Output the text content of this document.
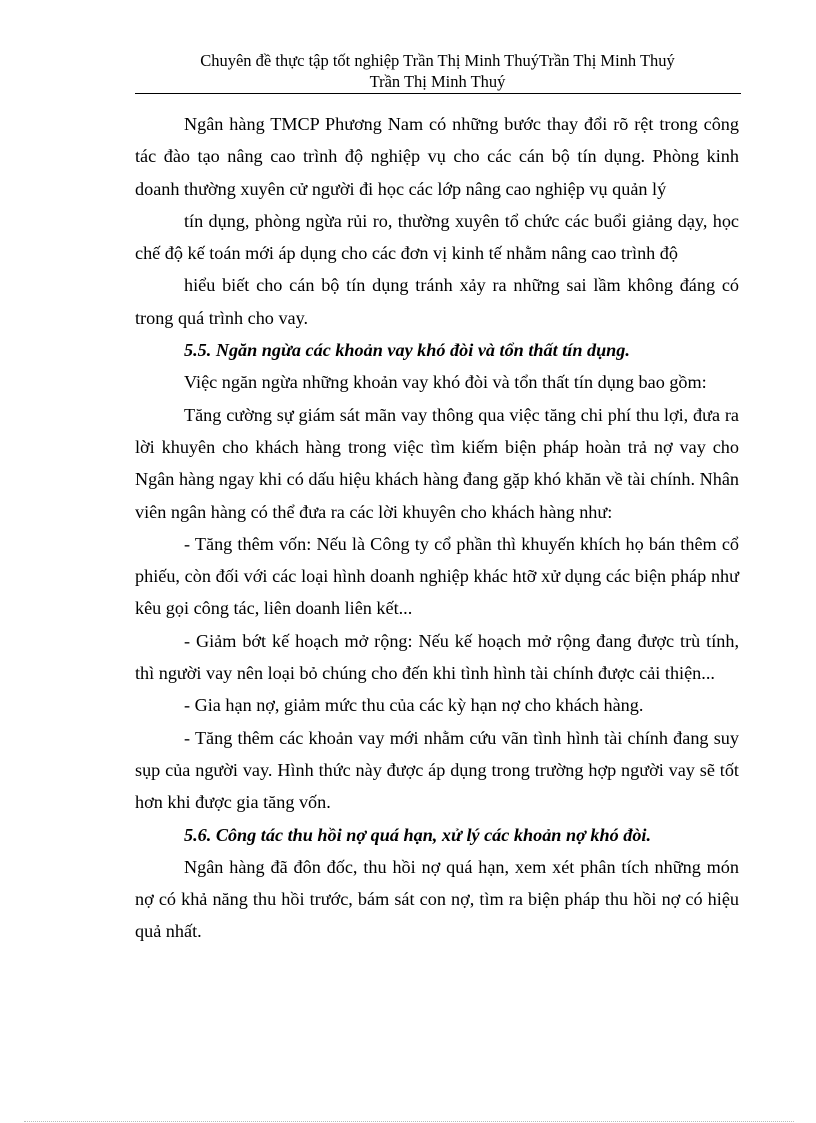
Chuyên đề thực tập tốt nghiệp Trần Thị Minh ThuýTrần Thị Minh Thuý
Trần Thị Minh Thuý

Ngân hàng TMCP Phương Nam có những bước thay đổi rõ rệt trong công tác đào tạo nâng cao trình độ nghiệp vụ cho các cán bộ tín dụng. Phòng kinh doanh thường xuyên cử người đi học các lớp nâng cao nghiệp vụ quản lý

tín dụng, phòng ngừa rủi ro, thường xuyên tổ chức các buổi giảng dạy, học chế độ kế toán mới áp dụng cho các đơn vị kinh tế nhằm nâng cao trình độ

hiểu biết cho cán bộ tín dụng tránh xảy ra những sai lầm không đáng có trong quá trình cho vay.

5.5. Ngăn ngừa các khoản vay khó đòi và tổn thất tín dụng.

Việc ngăn ngừa những khoản vay khó đòi và tổn thất tín dụng bao gồm:

Tăng cường sự giám sát mãn vay thông qua việc tăng chi phí thu lợi, đưa ra lời khuyên cho khách hàng trong việc tìm kiếm biện pháp hoàn trả nợ vay cho Ngân hàng ngay khi có dấu hiệu khách hàng đang gặp khó khăn về tài chính. Nhân viên ngân hàng có thể đưa ra các lời khuyên cho khách hàng như:

- Tăng thêm vốn: Nếu là Công ty cổ phần thì khuyến khích họ bán thêm cổ phiếu, còn đối với các loại hình doanh nghiệp khác htỡ xử dụng các biện pháp như kêu gọi công tác, liên doanh liên kết...

- Giảm bớt kế hoạch mở rộng: Nếu kế hoạch mở rộng đang được trù tính, thì người vay nên loại bỏ chúng cho đến khi tình hình tài chính được cải thiện...

- Gia hạn nợ, giảm mức thu của các kỳ hạn nợ cho khách hàng.

- Tăng thêm các khoản vay mới nhằm cứu vãn tình hình tài chính đang suy sụp của người vay. Hình thức này được áp dụng trong trường hợp người vay sẽ tốt hơn khi được gia tăng vốn.

5.6. Công tác thu hồi nợ quá hạn, xử lý các khoản nợ khó đòi.

Ngân hàng đã đôn đốc, thu hồi nợ quá hạn, xem xét phân tích những món nợ có khả năng thu hồi trước, bám sát con nợ, tìm ra biện pháp thu hồi nợ có hiệu quả nhất.
